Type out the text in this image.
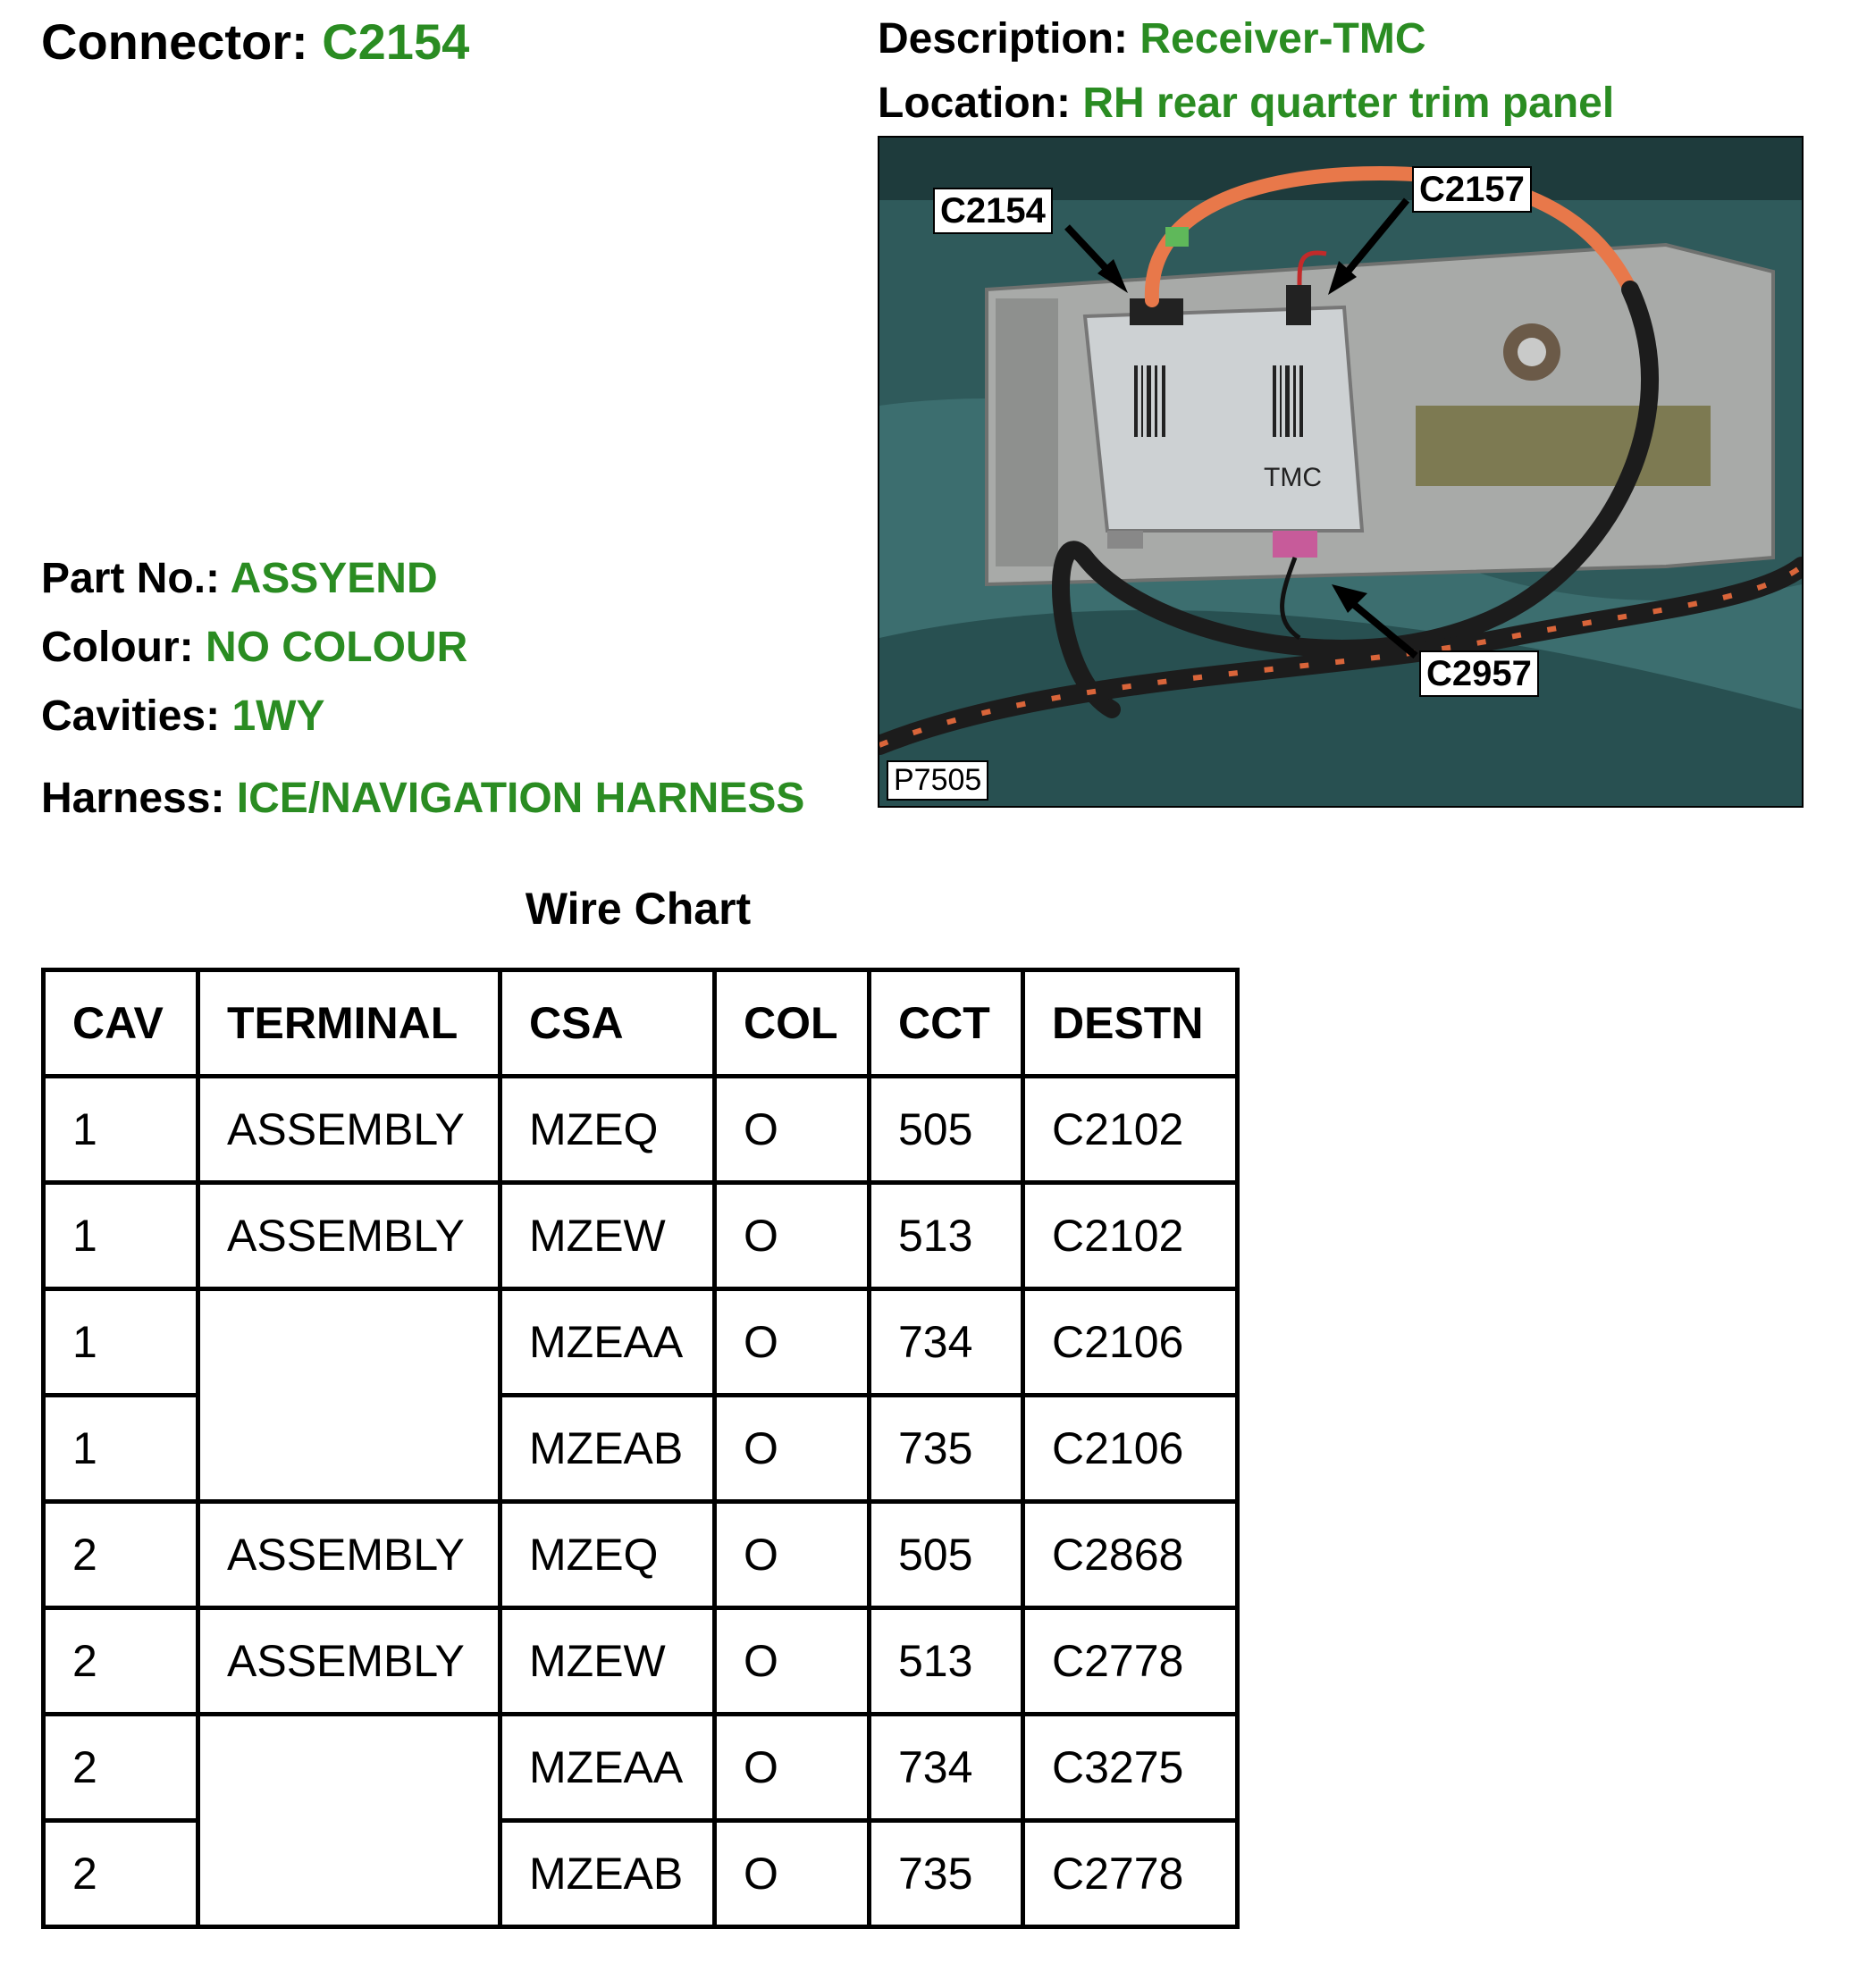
Connector: C2154	Description: Receiver-TMC
Location: RH rear quarter trim panel
Part No.: ASSYEND
Colour: NO COLOUR
Cavities: 1WY
Harness: ICE/NAVIGATION HARNESS
TMC
C2154
C2157
C2957
P7505
Wire Chart
CAV	TERMINAL	CSA	COL	CCT	DESTN
1	ASSEMBLY	MZEQ	O	505	C2102
1	ASSEMBLY	MZEW	O	513	C2102
1		MZEAA	O	734	C2106
1		MZEAB	O	735	C2106
2	ASSEMBLY	MZEQ	O	505	C2868
2	ASSEMBLY	MZEW	O	513	C2778
2		MZEAA	O	734	C3275
2		MZEAB	O	735	C2778
